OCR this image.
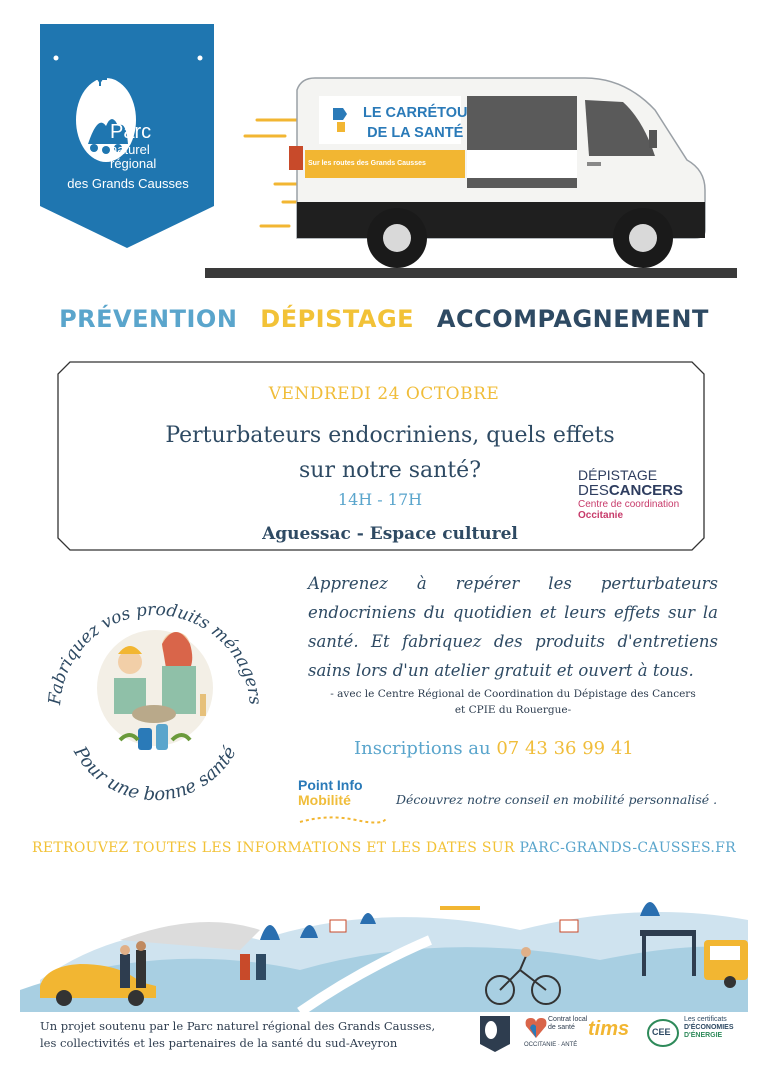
Parc
naturel
régional
des Grands Causses
LE CARRÉTOU
DE LA SANTÉ
Sur les routes des Grands Causses
PRÉVENTION DÉPISTAGE ACCOMPAGNEMENT
VENDREDI 24 OCTOBRE
Perturbateurs endocriniens, quels effets
sur notre santé?
14H - 17H
Aguessac - Espace culturel
DÉPISTAGE
DESCANCERS
Centre de coordination
Occitanie
Fabriquez vos produits ménagers
Pour une bonne santé
Apprenez à repérer les perturbateurs endocriniens du quotidien et leurs effets sur la santé. Et fabriquez des produits d'entretiens sains lors d'un atelier gratuit et ouvert à tous.
- avec le Centre Régional de Coordination du Dépistage des Cancers
et CPIE du Rouergue-
Inscriptions au 07 43 36 99 41
Point Info
Mobilité	Découvrez notre conseil en mobilité personnalisé .
RETROUVEZ TOUTES LES INFORMATIONS ET LES DATES SUR PARC-GRANDS-CAUSSES.FR
Un projet soutenu par le Parc naturel régional des Grands Causses,
les collectivités et les partenaires de la santé du sud-Aveyron
Contrat local de santé
OCCITANIE · ANTÉ
tims	CEE
Les certificats
D'ÉCONOMIES
D'ÉNERGIE
